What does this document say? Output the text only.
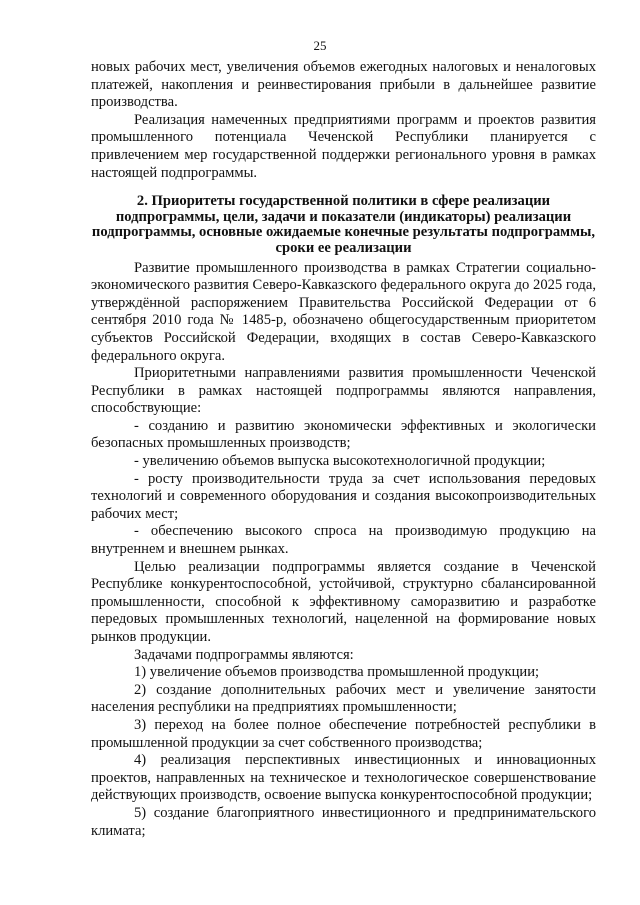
25

новых рабочих мест, увеличения объемов ежегодных налоговых и неналоговых платежей, накопления и реинвестирования прибыли в дальнейшее развитие производства.

Реализация намеченных предприятиями программ и проектов развития промышленного потенциала Чеченской Республики планируется с привлечением мер государственной поддержки регионального уровня в рамках настоящей подпрограммы.

2. Приоритеты государственной политики в сфере реализации подпрограммы, цели, задачи и показатели (индикаторы) реализации подпрограммы, основные ожидаемые конечные результаты подпрограммы, сроки ее реализации

Развитие промышленного производства в рамках Стратегии социально-экономического развития Северо-Кавказского федерального округа до 2025 года, утверждённой распоряжением Правительства Российской Федерации от 6 сентября 2010 года № 1485-р, обозначено общегосударственным приоритетом субъектов Российской Федерации, входящих в состав Северо-Кавказского федерального округа.

Приоритетными направлениями развития промышленности Чеченской Республики в рамках настоящей подпрограммы являются направления, способствующие:

- созданию и развитию экономически эффективных и экологически безопасных промышленных производств;

- увеличению объемов выпуска высокотехнологичной продукции;

- росту производительности труда за счет использования передовых технологий и современного оборудования и создания высокопроизводительных рабочих мест;

- обеспечению высокого спроса на производимую продукцию на внутреннем и внешнем рынках.

Целью реализации подпрограммы является создание в Чеченской Республике конкурентоспособной, устойчивой, структурно сбалансированной промышленности, способной к эффективному саморазвитию и разработке передовых промышленных технологий, нацеленной на формирование новых рынков продукции.

Задачами подпрограммы являются:

1) увеличение объемов производства промышленной продукции;

2) создание дополнительных рабочих мест и увеличение занятости населения республики на предприятиях промышленности;

3) переход на более полное обеспечение потребностей республики в промышленной продукции за счет собственного производства;

4) реализация перспективных инвестиционных и инновационных проектов, направленных на техническое и технологическое совершенствование действующих производств, освоение выпуска конкурентоспособной продукции;

5) создание благоприятного инвестиционного и предпринимательского климата;
